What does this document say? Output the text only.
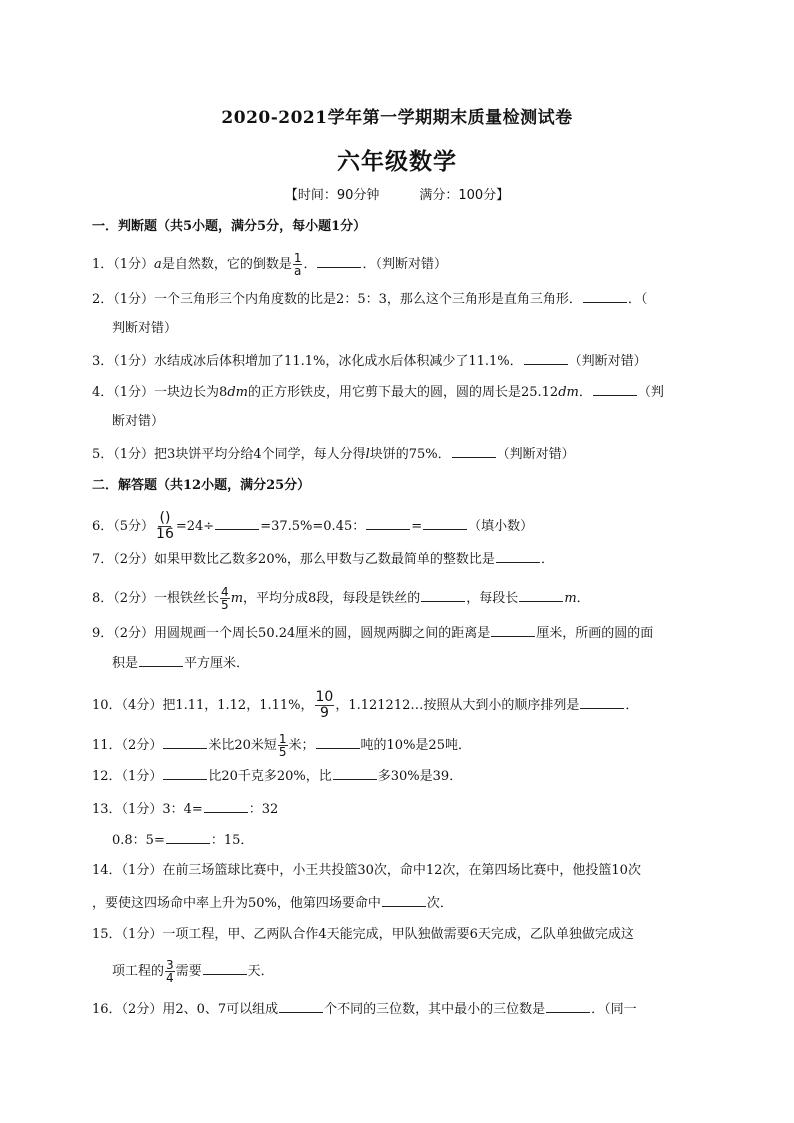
2020-2021学年第一学期期末质量检测试卷
六年级数学
【时间：90分钟	满分：100分】
一．判断题（共5小题，满分5分，每小题1分）
1．（1分）a是自然数，它的倒数是 $\frac{1}{a}$ ．	．（判断对错）
2．（1分）一个三角形三个内角度数的比是2：5：3，那么这个三角形是直角三角形．	．（
判断对错）
3．（1分）水结成冰后体积增加了11.1%，冰化成水后体积减少了11.1%．	（判断对错）
4．（1分）一块边长为8dm的正方形铁皮，用它剪下最大的圆，圆的周长是25.12dm．	（判
断对错）
5．（1分）把3块饼平均分给4个同学，每人分得l块饼的75%．	（判断对错）
二．解答题（共12小题，满分25分）
6．（5分） $\frac{()}{16} =24\div$	=37.5%=0.45：	=	（填小数）
7．（2分）如果甲数比乙数多20%，那么甲数与乙数最简单的整数比是	．
8．（2分）一根铁丝长 $\frac{4}{5}$ m，平均分成8段，每段是铁丝的	，每段长	m．
9．（2分）用圆规画一个周长50.24厘米的圆，圆规两脚之间的距离是	厘米，所画的圆的面
积是	平方厘米．
10．（4分）把1.11，1.12，1.11%， $\frac{10}{9}$ ，1.121212…按照从大到小的顺序排列是	．
11．（2分）	米比20米短 $\frac{1}{5}$ 米；	吨的10%是25吨．
12．（1分）	比20千克多20%，比	多30%是39．
13．（1分）3：4=	：32
0.8：5=	：15．
14．（1分）在前三场篮球比赛中，小王共投篮30次，命中12次，在第四场比赛中，他投篮10次
，要使这四场命中率上升为50%，他第四场要命中	次．
15．（1分）一项工程，甲、乙两队合作4天能完成，甲队独做需要6天完成，乙队单独做完成这
项工程的 $\frac{3}{4}$ 需要	天．
16．（2分）用2、0、7可以组成	个不同的三位数，其中最小的三位数是	．（同一
